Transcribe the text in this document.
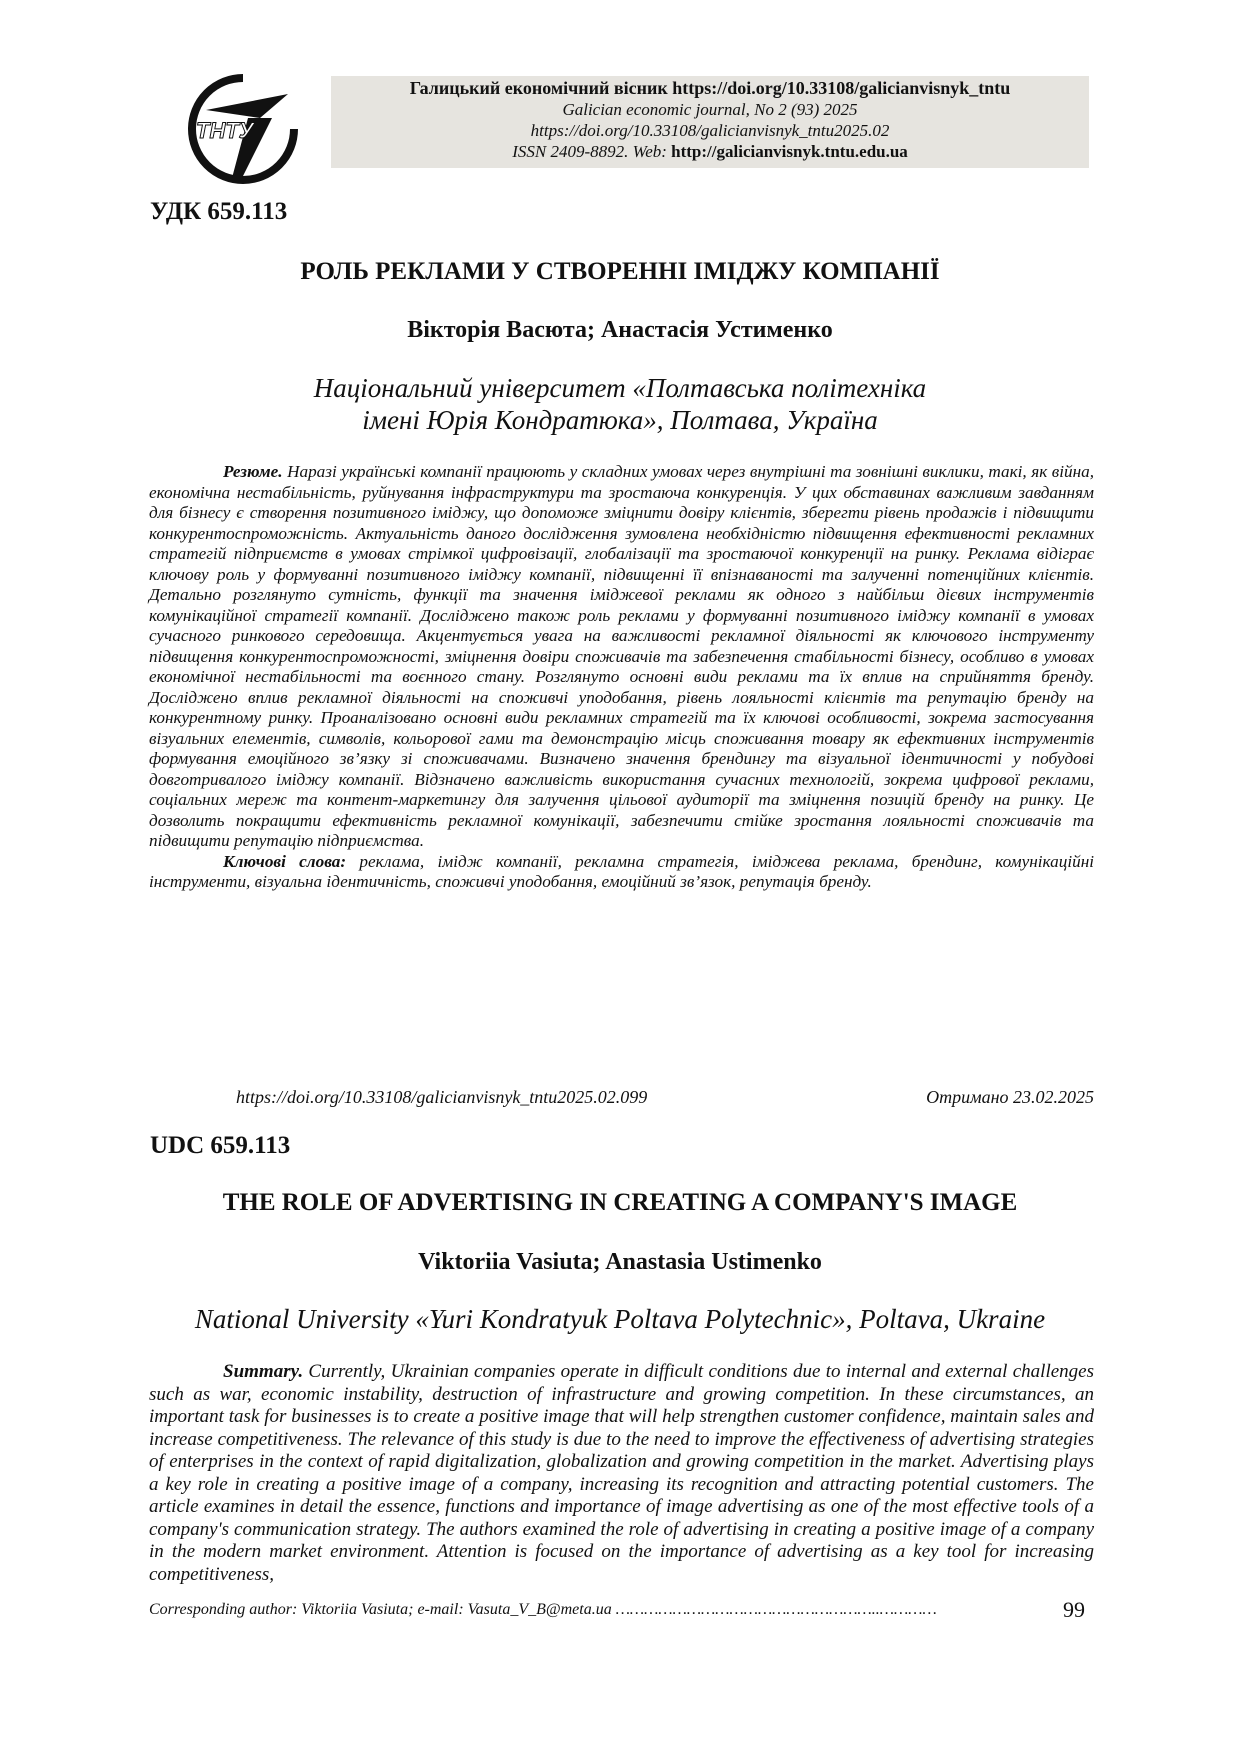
ТНТУ
Галицький економічний вісник https://doi.org/10.33108/galicianvisnyk_tntu
Galician economic journal, No 2 (93) 2025
https://doi.org/10.33108/galicianvisnyk_tntu2025.02
ISSN 2409-8892. Web: http://galicianvisnyk.tntu.edu.ua
УДК 659.113
РОЛЬ РЕКЛАМИ У СТВОРЕННІ ІМІДЖУ КОМПАНІЇ
Вікторія Васюта; Анастасія Устименко
Національний університет «Полтавська політехніка
імені Юрія Кондратюка», Полтава, Україна

Резюме. Наразі українські компанії працюють у складних умовах через внутрішні та зовнішні виклики, такі, як війна, економічна нестабільність, руйнування інфраструктури та зростаюча конкуренція. У цих обставинах важливим завданням для бізнесу є створення позитивного іміджу, що допоможе зміцнити довіру клієнтів, зберегти рівень продажів і підвищити конкурентоспроможність. Актуальність даного дослідження зумовлена необхідністю підвищення ефективності рекламних стратегій підприємств в умовах стрімкої цифровізації, глобалізації та зростаючої конкуренції на ринку. Реклама відіграє ключову роль у формуванні позитивного іміджу компанії, підвищенні її впізнаваності та залученні потенційних клієнтів. Детально розглянуто сутність, функції та значення іміджевої реклами як одного з найбільш дієвих інструментів комунікаційної стратегії компанії. Досліджено також роль реклами у формуванні позитивного іміджу компанії в умовах сучасного ринкового середовища. Акцентується увага на важливості рекламної діяльності як ключового інструменту підвищення конкурентоспроможності, зміцнення довіри споживачів та забезпечення стабільності бізнесу, особливо в умовах економічної нестабільності та воєнного стану. Розглянуто основні види реклами та їх вплив на сприйняття бренду. Досліджено вплив рекламної діяльності на споживчі уподобання, рівень лояльності клієнтів та репутацію бренду на конкурентному ринку. Проаналізовано основні види рекламних стратегій та їх ключові особливості, зокрема застосування візуальних елементів, символів, кольорової гами та демонстрацію місць споживання товару як ефективних інструментів формування емоційного зв’язку зі споживачами. Визначено значення брендингу та візуальної ідентичності у побудові довготривалого іміджу компанії. Відзначено важливість використання сучасних технологій, зокрема цифрової реклами, соціальних мереж та контент-маркетингу для залучення цільової аудиторії та зміцнення позицій бренду на ринку. Це дозволить покращити ефективність рекламної комунікації, забезпечити стійке зростання лояльності споживачів та підвищити репутацію підприємства.

Ключові слова: реклама, імідж компанії, рекламна стратегія, іміджева реклама, брендинг, комунікаційні інструменти, візуальна ідентичність, споживчі уподобання, емоційний зв’язок, репутація бренду.

https://doi.org/10.33108/galicianvisnyk_tntu2025.02.099	Отримано 23.02.2025
UDC 659.113
THE ROLE OF ADVERTISING IN CREATING A COMPANY'S IMAGE
Viktoriia Vasiuta; Anastasia Ustimenko
National University «Yuri Kondratyuk Poltava Polytechnic», Poltava, Ukraine

Summary. Currently, Ukrainian companies operate in difficult conditions due to internal and external challenges such as war, economic instability, destruction of infrastructure and growing competition. In these circumstances, an important task for businesses is to create a positive image that will help strengthen customer confidence, maintain sales and increase competitiveness. The relevance of this study is due to the need to improve the effectiveness of advertising strategies of enterprises in the context of rapid digitalization, globalization and growing competition in the market. Advertising plays a key role in creating a positive image of a company, increasing its recognition and attracting potential customers. The article examines in detail the essence, functions and importance of image advertising as one of the most effective tools of a company's communication strategy. The authors examined the role of advertising in creating a positive image of a company in the modern market environment. Attention is focused on the importance of advertising as a key tool for increasing competitiveness,

Corresponding author: Viktoriia Vasiuta; e-mail: Vasuta_V_B@meta.ua ………………………………………………..…………	99
